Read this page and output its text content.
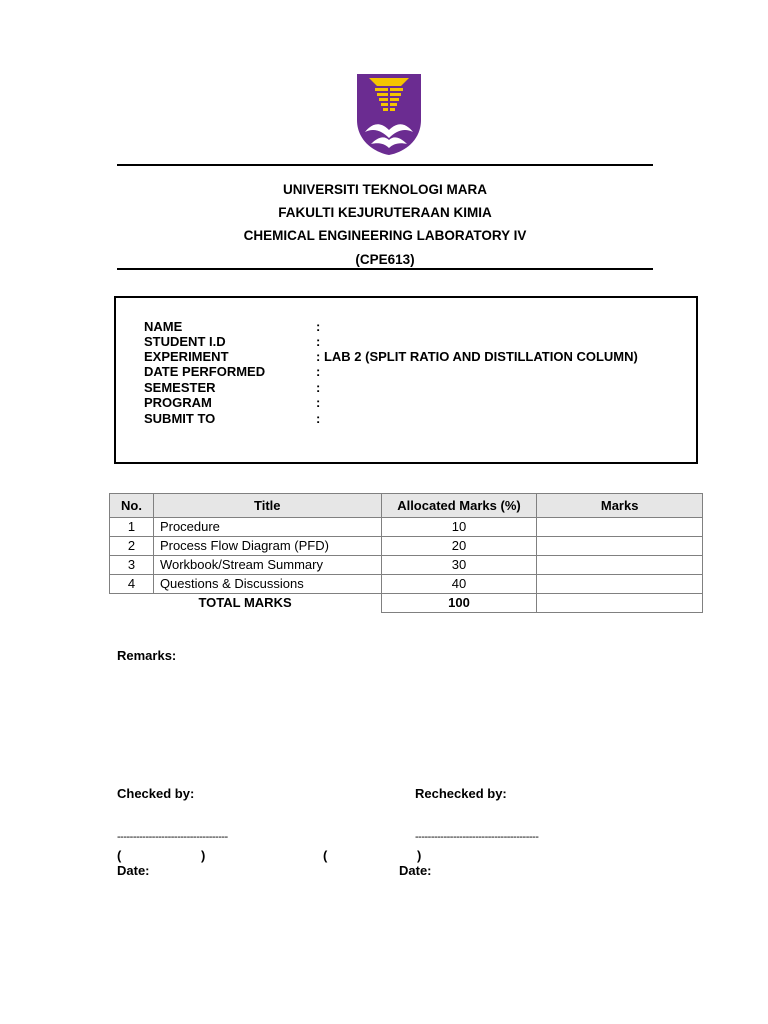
UNIVERSITI TEKNOLOGI MARA
FAKULTI KEJURUTERAAN KIMIA
CHEMICAL ENGINEERING LABORATORY IV
(CPE613)
NAME	:
STUDENT I.D	:
EXPERIMENT	: LAB 2 (SPLIT RATIO AND DISTILLATION COLUMN)
DATE PERFORMED	:
SEMESTER	:
PROGRAM	:
SUBMIT TO	:
No.	Title	Allocated Marks (%)	Marks
1	Procedure	10	
2	Process Flow Diagram (PFD)	20	
3	Workbook/Stream Summary	30	
4	Questions & Discussions	40	
TOTAL MARKS		100	
Remarks:
Checked by:	Rechecked by:
-----------------------------------	---------------------------------------
(	)	(	)
Date:	Date:
